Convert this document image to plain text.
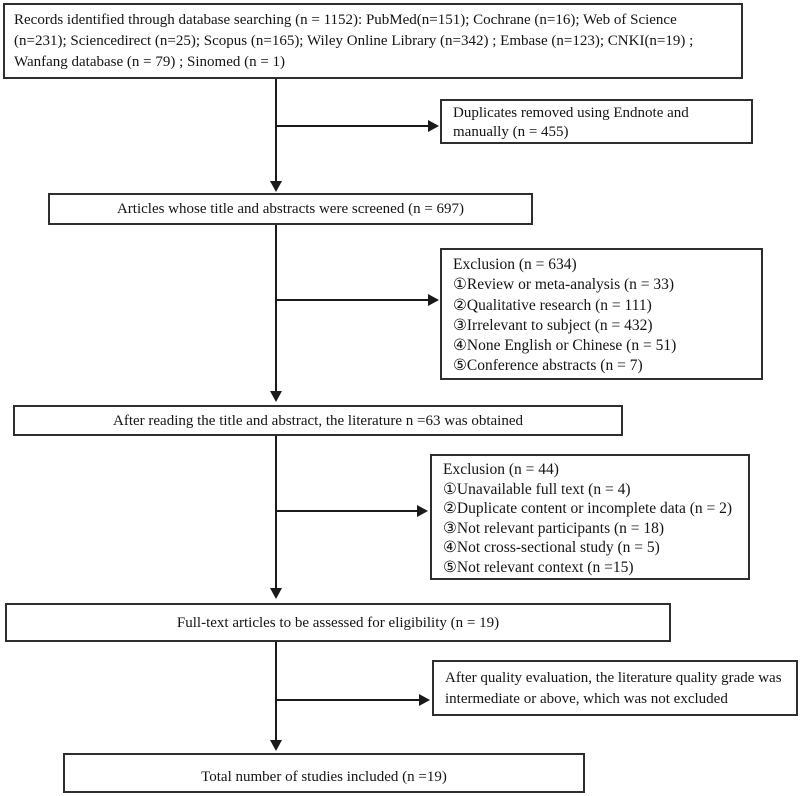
Records identified through database searching (n = 1152): PubMed(n=151); Cochrane (n=16); Web of Science (n=231); Sciencedirect (n=25); Scopus (n=165); Wiley Online Library (n=342) ; Embase (n=123); CNKI(n=19) ; Wanfang database (n = 79) ; Sinomed (n = 1)
Duplicates removed using Endnote and manually (n = 455)
Articles whose title and abstracts were screened (n = 697)
Exclusion (n = 634)
①Review or meta-analysis (n = 33)
②Qualitative research (n = 111)
③Irrelevant to subject (n = 432)
④None English or Chinese (n = 51)
⑤Conference abstracts (n = 7)
After reading the title and abstract, the literature n =63 was obtained
Exclusion (n = 44)
①Unavailable full text (n = 4)
②Duplicate content or incomplete data (n = 2)
③Not relevant participants (n = 18)
④Not cross-sectional study (n = 5)
⑤Not relevant context (n =15)
Full-text articles to be assessed for eligibility (n = 19)
After quality evaluation, the literature quality grade was intermediate or above, which was not excluded
Total number of studies included (n =19)
